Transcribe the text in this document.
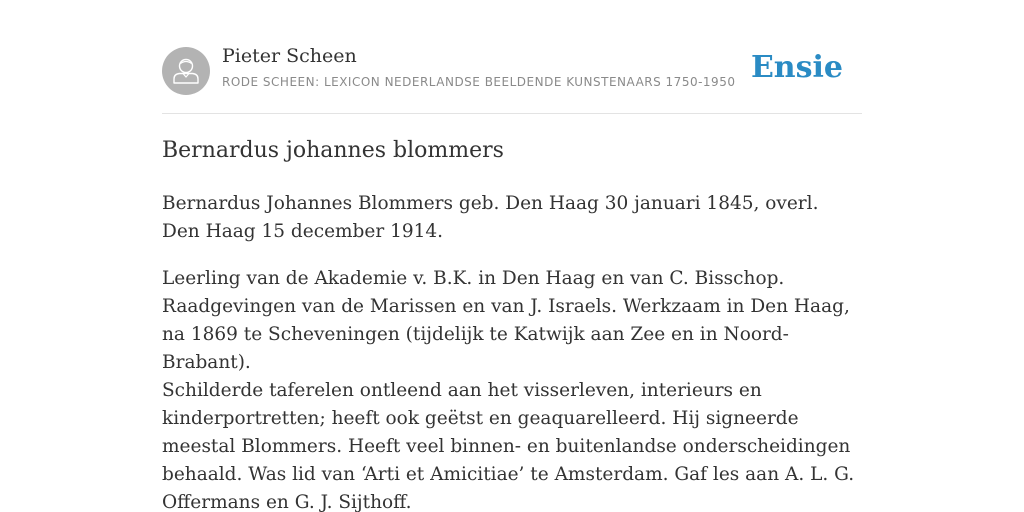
Pieter Scheen
RODE SCHEEN: LEXICON NEDERLANDSE BEELDENDE KUNSTENAARS 1750-1950 Ensie
Bernardus johannes blommers

Bernardus Johannes Blommers geb. Den Haag 30 januari 1845, overl. Den Haag 15 december 1914.

Leerling van de Akademie v. B.K. in Den Haag en van C. Bisschop. Raadgevingen van de Marissen en van J. Israels. Werkzaam in Den Haag, na 1869 te Scheveningen (tijdelijk te Katwijk aan Zee en in Noord-Brabant).

Schilderde taferelen ontleend aan het visserleven, interieurs en kinderportretten; heeft ook geëtst en geaquarelleerd. Hij signeerde meestal Blommers. Heeft veel binnen- en buitenlandse onderscheidingen behaald. Was lid van ‘Arti et Amicitiae’ te Amsterdam. Gaf les aan A. L. G. Offermans en G. J. Sijthoff.
